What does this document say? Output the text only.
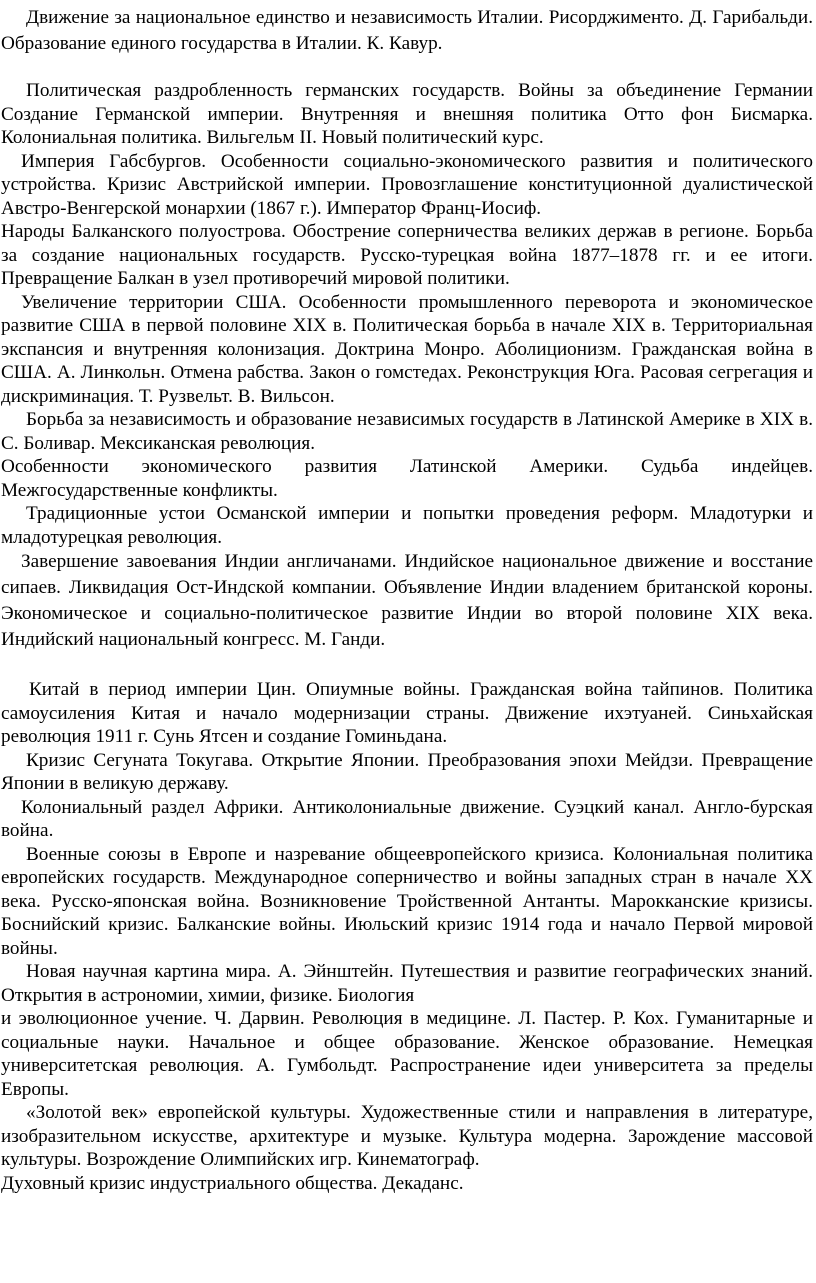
Движение за национальное единство и независимость Италии. Рисорджименто. Д. Гарибальди. Образование единого государства в Италии. К. Кавур.

Политическая раздробленность германских государств. Войны за объединение Германии Создание Германской империи. Внутренняя и внешняя политика Отто фон Бисмарка. Колониальная политика. Вильгельм II. Новый политический курс.

Империя Габсбургов. Особенности социально-экономического развития и политического устройства. Кризис Австрийской империи. Провозглашение конституционной дуалистической Австро-Венгерской монархии (1867 г.). Император Франц-Иосиф.

Народы Балканского полуострова. Обострение соперничества великих держав в регионе. Борьба за создание национальных государств. Русско-турецкая война 1877–1878 гг. и ее итоги. Превращение Балкан в узел противоречий мировой политики.

Увеличение территории США. Особенности промышленного переворота и экономическое развитие США в первой половине XIX в. Политическая борьба в начале XIX в. Территориальная экспансия и внутренняя колонизация. Доктрина Монро. Аболиционизм. Гражданская война в США. А. Линкольн. Отмена рабства. Закон о гомстедах. Реконструкция Юга. Расовая сегрегация и дискриминация. Т. Рузвельт. В. Вильсон.

Борьба за независимость и образование независимых государств в Латинской Америке в XIX в. С. Боливар. Мексиканская революция.

Особенности экономического развития Латинской Америки. Судьба индейцев. Межгосударственные конфликты.

Традиционные устои Османской империи и попытки проведения реформ. Младотурки и младотурецкая революция.

Завершение завоевания Индии англичанами. Индийское национальное движение и восстание сипаев. Ликвидация Ост-Индской компании. Объявление Индии владением британской короны. Экономическое и социально-политическое развитие Индии во второй половине XIX века. Индийский национальный конгресс. М. Ганди.

Китай в период империи Цин. Опиумные войны. Гражданская война тайпинов. Политика самоусиления Китая и начало модернизации страны. Движение ихэтуаней. Синьхайская революция 1911 г. Сунь Ятсен и создание Гоминьдана.

Кризис Сегуната Токугава. Открытие Японии. Преобразования эпохи Мейдзи. Превращение Японии в великую державу.

Колониальный раздел Африки. Антиколониальные движение. Суэцкий канал. Англо-бурская война.

Военные союзы в Европе и назревание общеевропейского кризиса. Колониальная политика европейских государств. Международное соперничество и войны западных стран в начале XX века. Русско-японская война. Возникновение Тройственной Антанты. Марокканские кризисы. Боснийский кризис. Балканские войны. Июльский кризис 1914 года и начало Первой мировой войны.

Новая научная картина мира. А. Эйнштейн. Путешествия и развитие географических знаний. Открытия в астрономии, химии, физике. Биология

и эволюционное учение. Ч. Дарвин. Революция в медицине. Л. Пастер. Р. Кох. Гуманитарные и социальные науки. Начальное и общее образование. Женское образование. Немецкая университетская революция. А. Гумбольдт. Распространение идеи университета за пределы Европы.

«Золотой век» европейской культуры. Художественные стили и направления в литературе, изобразительном искусстве, архитектуре и музыке. Культура модерна. Зарождение массовой культуры. Возрождение Олимпийских игр. Кинематограф.

Духовный кризис индустриального общества. Декаданс.
